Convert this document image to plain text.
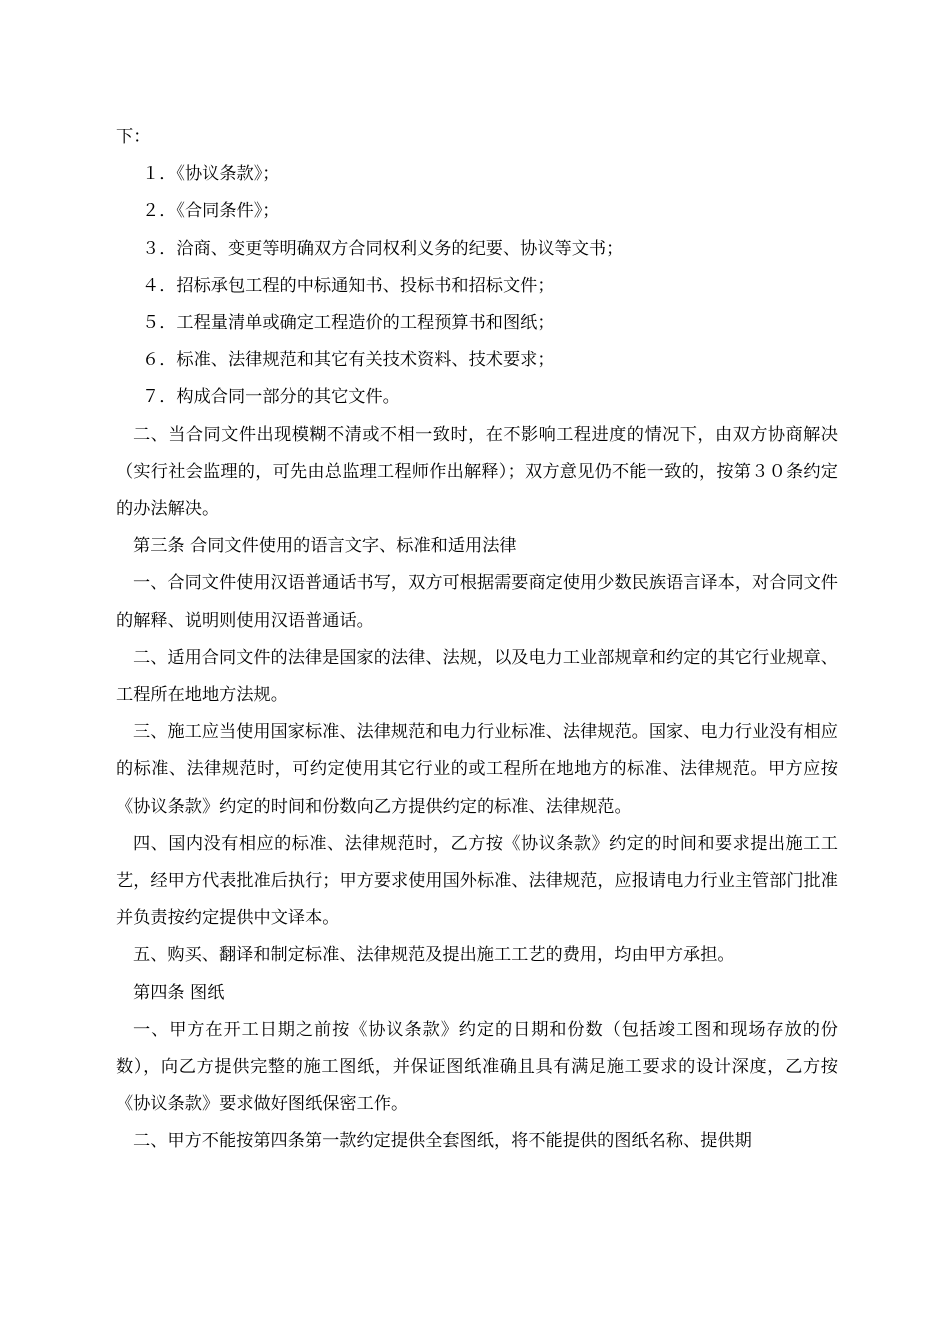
下：

１．《协议条款》；

２．《合同条件》；

３．洽商、变更等明确双方合同权利义务的纪要、协议等文书；

４．招标承包工程的中标通知书、投标书和招标文件；

５．工程量清单或确定工程造价的工程预算书和图纸；

６．标准、法律规范和其它有关技术资料、技术要求；

７．构成合同一部分的其它文件。

二、当合同文件出现模糊不清或不相一致时，在不影响工程进度的情况下，由双方协商解决（实行社会监理的，可先由总监理工程师作出解释）；双方意见仍不能一致的，按第３０条约定的办法解决。

第三条 合同文件使用的语言文字、标准和适用法律

一、合同文件使用汉语普通话书写，双方可根据需要商定使用少数民族语言译本，对合同文件的解释、说明则使用汉语普通话。

二、适用合同文件的法律是国家的法律、法规，以及电力工业部规章和约定的其它行业规章、工程所在地地方法规。

三、施工应当使用国家标准、法律规范和电力行业标准、法律规范。国家、电力行业没有相应的标准、法律规范时，可约定使用其它行业的或工程所在地地方的标准、法律规范。甲方应按《协议条款》约定的时间和份数向乙方提供约定的标准、法律规范。

四、国内没有相应的标准、法律规范时，乙方按《协议条款》约定的时间和要求提出施工工艺，经甲方代表批准后执行；甲方要求使用国外标准、法律规范，应报请电力行业主管部门批准并负责按约定提供中文译本。

五、购买、翻译和制定标准、法律规范及提出施工工艺的费用，均由甲方承担。

第四条 图纸

一、甲方在开工日期之前按《协议条款》约定的日期和份数（包括竣工图和现场存放的份数），向乙方提供完整的施工图纸，并保证图纸准确且具有满足施工要求的设计深度，乙方按《协议条款》要求做好图纸保密工作。

二、甲方不能按第四条第一款约定提供全套图纸，将不能提供的图纸名称、提供期
